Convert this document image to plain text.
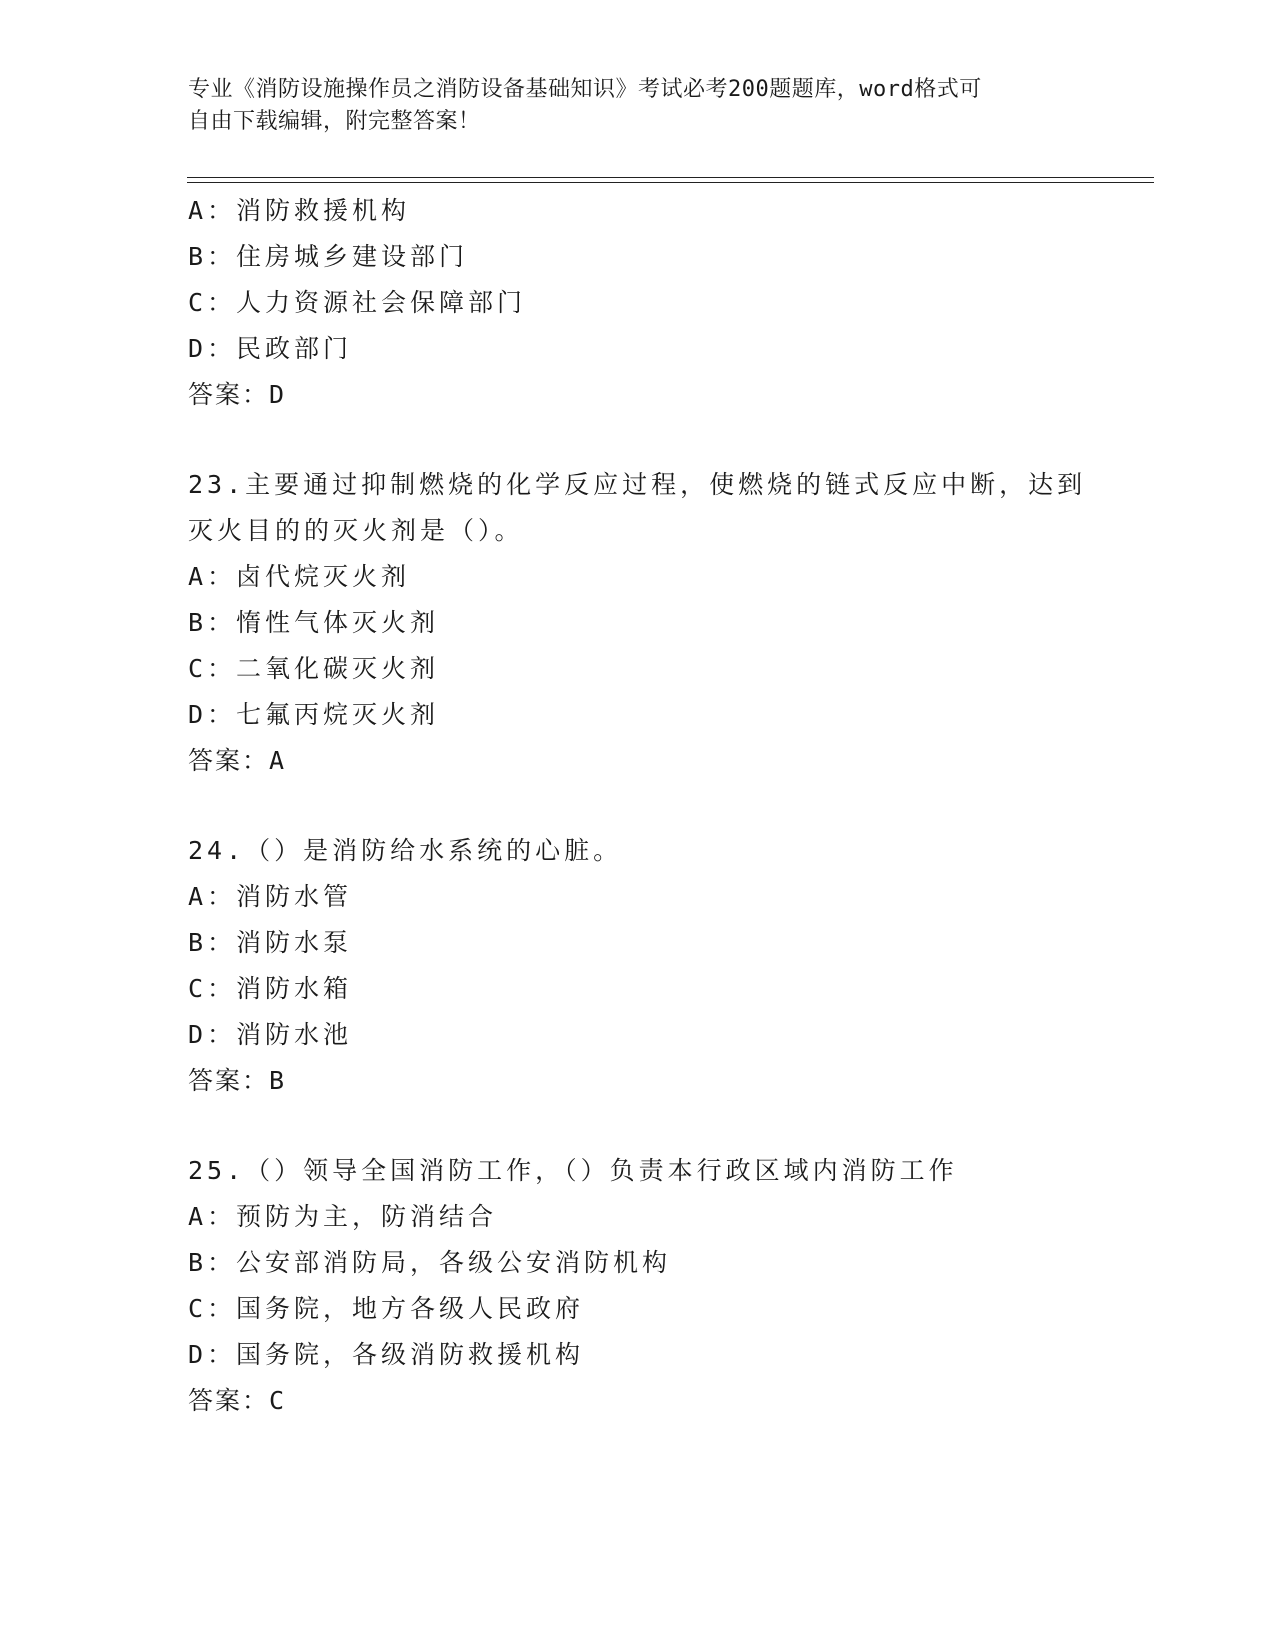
专业《消防设施操作员之消防设备基础知识》考试必考200题题库，word格式可
自由下载编辑，附完整答案！
A：消防救援机构
B：住房城乡建设部门
C：人力资源社会保障部门
D：民政部门
答案：D
23.主要通过抑制燃烧的化学反应过程，使燃烧的链式反应中断，达到
灭火目的的灭火剂是（）。
A：卤代烷灭火剂
B：惰性气体灭火剂
C：二氧化碳灭火剂
D：七氟丙烷灭火剂
答案：A
24.（）是消防给水系统的心脏。
A：消防水管
B：消防水泵
C：消防水箱
D：消防水池
答案：B
25.（）领导全国消防工作，（）负责本行政区域内消防工作
A：预防为主，防消结合
B：公安部消防局，各级公安消防机构
C：国务院，地方各级人民政府
D：国务院，各级消防救援机构
答案：C
